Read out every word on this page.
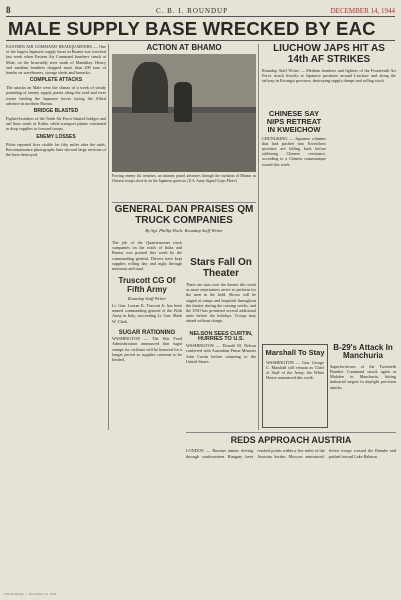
8	C. B. I. ROUNDUP	DECEMBER 14, 1944
MALE SUPPLY BASE WRECKED BY EAC
EASTERN AIR COMMAND HEADQUARTERS — One of the largest Japanese supply bases in Burma was wrecked last week when Eastern Air Command bombers struck at Male, on the Irrawaddy river north of Mandalay. Heavy and medium bombers dropped more than 200 tons of bombs on warehouses, storage sheds and barracks.
COMPLETE ATTACKS
The attacks on Male were the climax of a week of steady pounding of enemy supply points along the road and river routes feeding the Japanese forces facing the Allied advance in northern Burma.
BRIDGE BLASTED
Fighter-bombers of the Tenth Air Force blasted bridges and rail lines south of Katha, while transport planes continued to drop supplies to forward troops.
ENEMY LOSSES
Pilots reported fires visible for fifty miles after the raids. Reconnaissance photographs later showed large sections of the base destroyed.
ACTION AT BHAMO
Forcing enemy slit trenches, an infantry patrol advances through the outskirts of Bhamo as Chinese troops close in on the Japanese garrison. (U.S. Army Signal Corps Photo)
GENERAL DAN PRAISES QM TRUCK COMPANIES
By Sgt. Phillip Hoch, Roundup Staff Writer
The job of the Quartermaster truck companies on the roads of India and Burma was praised this week by the commanding general. Drivers have kept supplies rolling day and night through monsoon and mud.
Truscott CG Of Fifth Army
Roundup Staff Writer
Lt. Gen. Lucian K. Truscott Jr. has been named commanding general of the Fifth Army in Italy, succeeding Lt. Gen. Mark W. Clark.
SUGAR RATIONING
WASHINGTON — The War Food Administration announced that sugar stamps for civilians will be honored for a longer period as supplies continue to be limited.
Stars Fall On Theater
There are stars over the theater this week as more entertainers arrive to perform for the men in the field. Shows will be staged at camps and hospitals throughout the theater during the coming weeks, and the USO has promised several additional units before the holidays. Troops may attend without charge.
NELSON SEES CURTIN, HURRIES TO U.S.
WASHINGTON — Donald M. Nelson conferred with Australian Prime Minister John Curtin before returning to the United States.
LIUCHOW JAPS HIT AS 14th AF STRIKES
Roundup Staff Writer — Medium bombers and fighters of the Fourteenth Air Force struck heavily at Japanese positions around Liuchow and along the railway in Kwangsi province, destroying supply dumps and rolling stock.
CHINESE SAY NIPS RETREAT IN KWEICHOW
CHUNGKING — Japanese columns that had pushed into Kweichow province are falling back before stiffening Chinese resistance, according to a Chinese communique issued this week.
Marshall To Stay
WASHINGTON — Gen. George C. Marshall will remain as Chief of Staff of the Army, the White House announced this week.
B-29's Attack In Manchuria
Superfortresses of the Twentieth Bomber Command struck again at Mukden in Manchuria, hitting industrial targets in daylight precision attacks.
REDS APPROACH AUSTRIA
LONDON — Russian armies driving through southwestern Hungary have reached points within a few miles of the Austrian border, Moscow announced. Soviet troops crossed the Danube and pushed toward Lake Balaton.
CBI Roundup — December 14, 1944
